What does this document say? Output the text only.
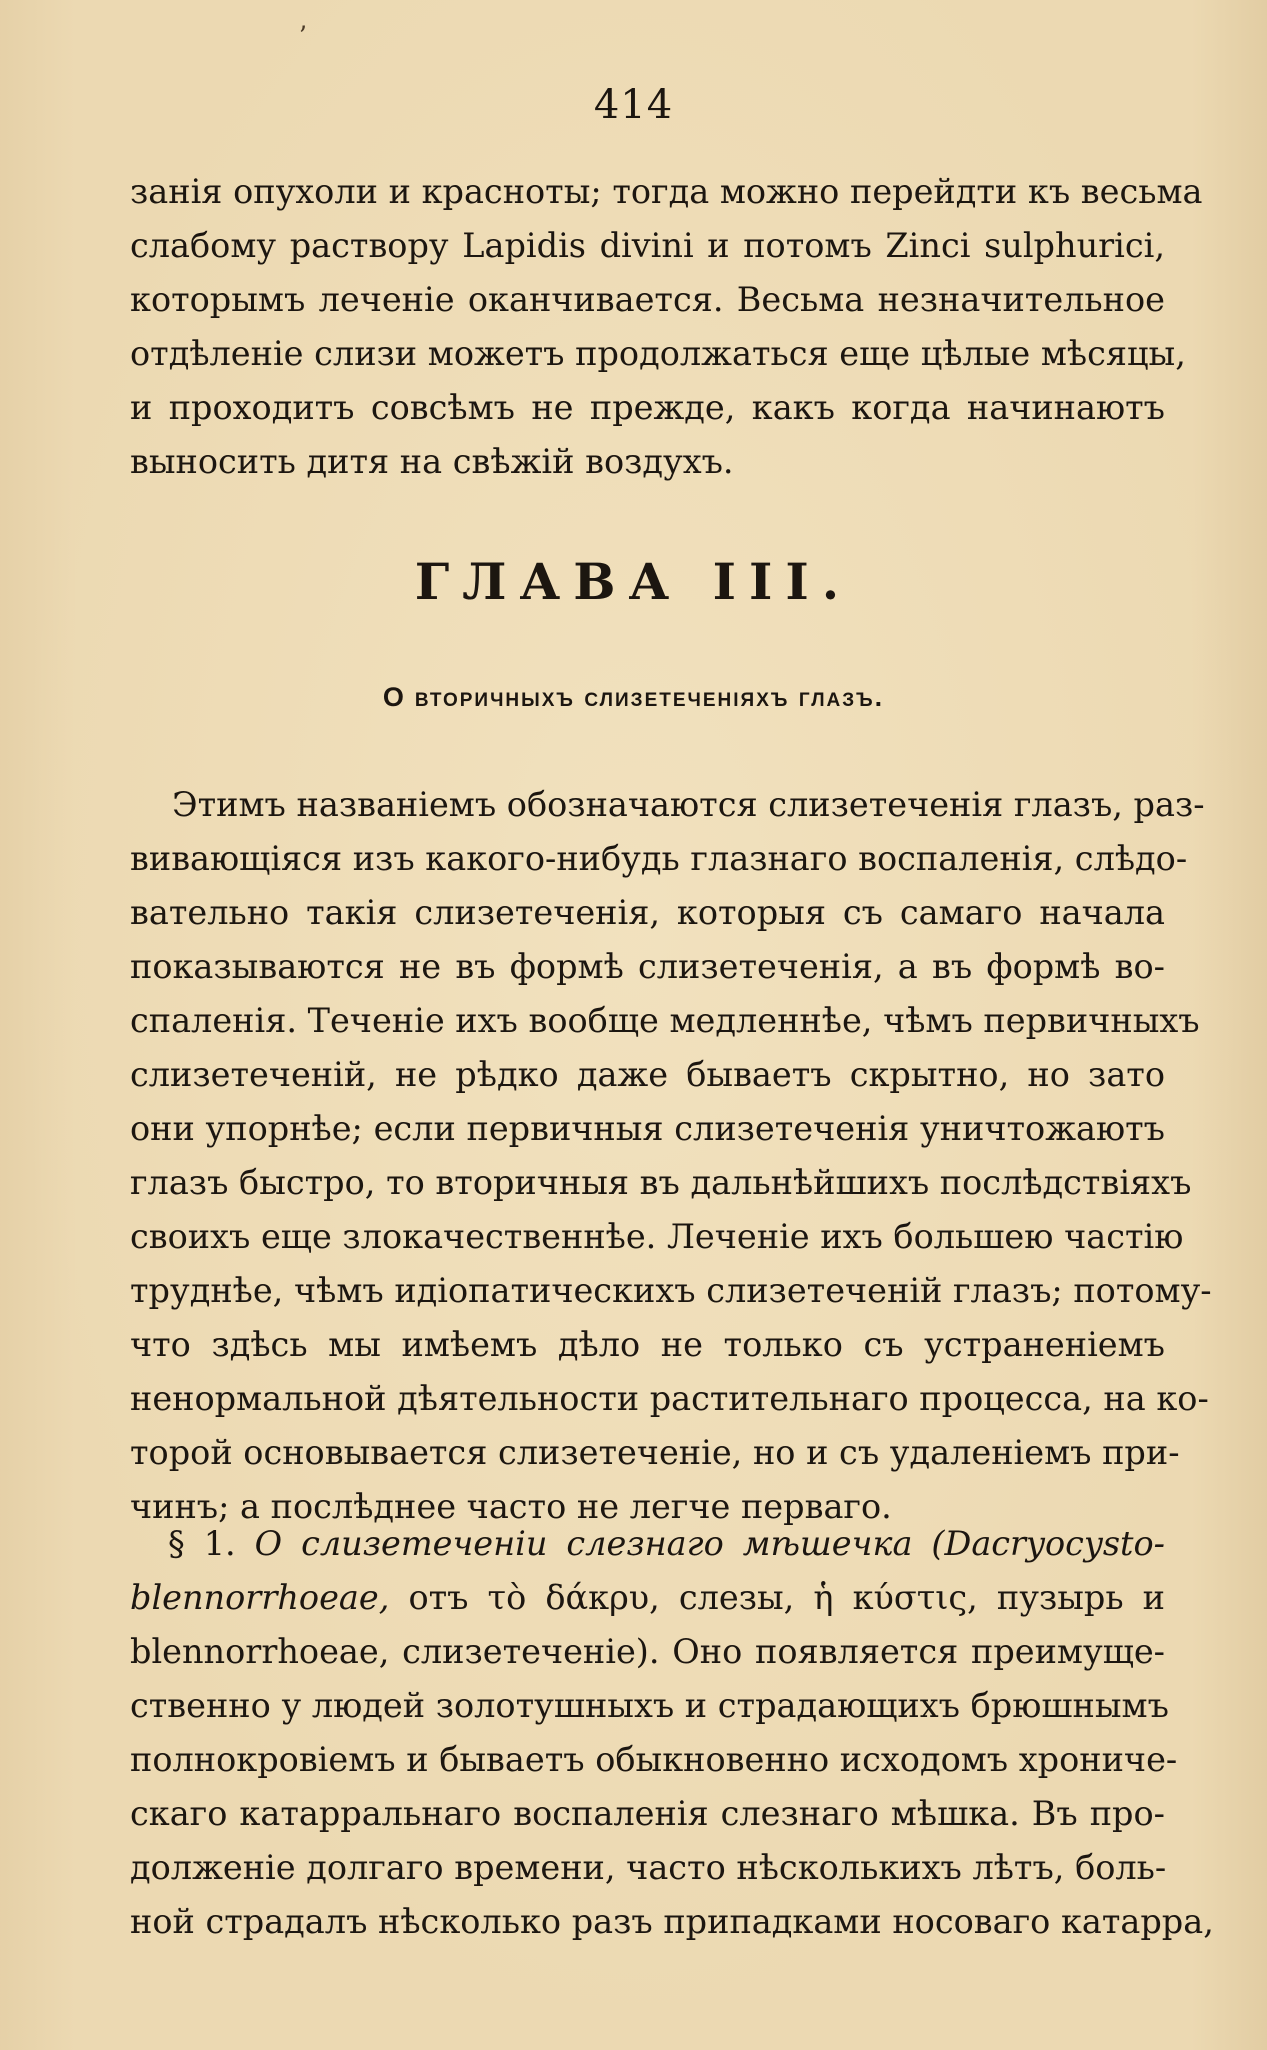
ʼ
414
занія опухоли и красноты; тогда можно перейдти къ весьма
слабому раствору Lapidis divini и потомъ Zinci sulphurici,
которымъ леченіе оканчивается. Весьма незначительное
отдѣленіе слизи можетъ продолжаться еще цѣлые мѣсяцы,
и проходитъ совсѣмъ не прежде, какъ когда начинаютъ
выносить дитя на свѣжій воздухъ.
ГЛАВА III.
О вторичныхъ слизетеченіяхъ глазъ.
Этимъ названіемъ обозначаются слизетеченія глазъ, раз-
вивающіяся изъ какого-нибудь глазнаго воспаленія, слѣдо-
вательно такія слизетеченія, которыя съ самаго начала
показываются не въ формѣ слизетеченія, а въ формѣ во-
спаленія. Теченіе ихъ вообще медленнѣе, чѣмъ первичныхъ
слизетеченій, не рѣдко даже бываетъ скрытно, но зато
они упорнѣе; если первичныя слизетеченія уничтожаютъ
глазъ быстро, то вторичныя въ дальнѣйшихъ послѣдствіяхъ
своихъ еще злокачественнѣе. Леченіе ихъ большею частію
труднѣе, чѣмъ идіопатическихъ слизетеченій глазъ; потому-
что здѣсь мы имѣемъ дѣло не только съ устраненіемъ
ненормальной дѣятельности растительнаго процесса, на ко-
торой основывается слизетеченіе, но и съ удаленіемъ при-
чинъ; а послѣднее часто не легче перваго.
§ 1. О слизетеченіи слезнаго мѣшечка (Dacryocysto-
blennorrhoeae, отъ τὸ δάκρυ, слезы, ἡ κύστις, пузырь и
blennorrhoeae, слизетеченіе). Оно появляется преимуще-
ственно у людей золотушныхъ и страдающихъ брюшнымъ
полнокровіемъ и бываетъ обыкновенно исходомъ хрониче-
скаго катарральнаго воспаленія слезнаго мѣшка. Въ про-
долженіе долгаго времени, часто нѣсколькихъ лѣтъ, боль-
ной страдалъ нѣсколько разъ припадками носоваго катарра,
